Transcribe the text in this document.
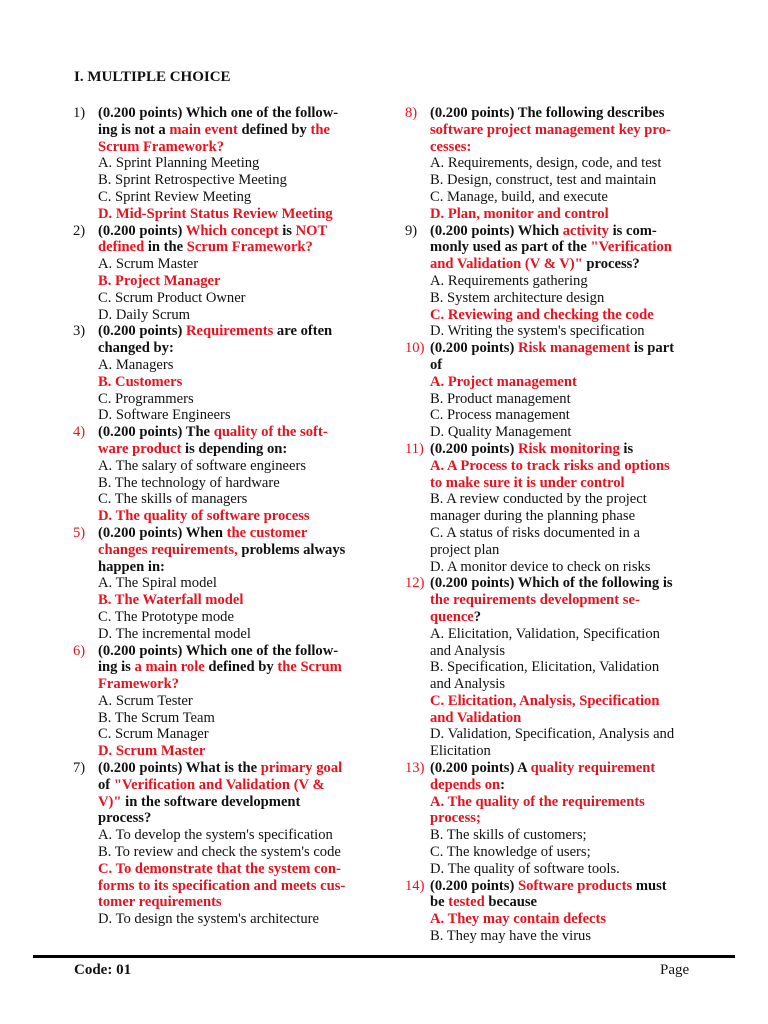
I. MULTIPLE CHOICE
1) (0.200 points) Which one of the follow-
ing is not a main event defined by the
Scrum Framework?
A. Sprint Planning Meeting
B. Sprint Retrospective Meeting
C. Sprint Review Meeting
D. Mid-Sprint Status Review Meeting
2) (0.200 points) Which concept is NOT
defined in the Scrum Framework?
A. Scrum Master
B. Project Manager
C. Scrum Product Owner
D. Daily Scrum
3) (0.200 points) Requirements are often
changed by:
A. Managers
B. Customers
C. Programmers
D. Software Engineers
4) (0.200 points) The quality of the soft-
ware product is depending on:
A. The salary of software engineers
B. The technology of hardware
C. The skills of managers
D. The quality of software process
5) (0.200 points) When the customer
changes requirements, problems always
happen in:
A. The Spiral model
B. The Waterfall model
C. The Prototype mode
D. The incremental model
6) (0.200 points) Which one of the follow-
ing is a main role defined by the Scrum
Framework?
A. Scrum Tester
B. The Scrum Team
C. Scrum Manager
D. Scrum Master
7) (0.200 points) What is the primary goal
of "Verification and Validation (V &
V)" in the software development
process?
A. To develop the system's specification
B. To review and check the system's code
C. To demonstrate that the system con-
forms to its specification and meets cus-
tomer requirements
D. To design the system's architecture
8) (0.200 points) The following describes
software project management key pro-
cesses:
A. Requirements, design, code, and test
B. Design, construct, test and maintain
C. Manage, build, and execute
D. Plan, monitor and control
9) (0.200 points) Which activity is com-
monly used as part of the "Verification
and Validation (V & V)" process?
A. Requirements gathering
B. System architecture design
C. Reviewing and checking the code
D. Writing the system's specification
10) (0.200 points) Risk management is part
of
A. Project management
B. Product management
C. Process management
D. Quality Management
11) (0.200 points) Risk monitoring is
A. A Process to track risks and options
to make sure it is under control
B. A review conducted by the project
manager during the planning phase
C. A status of risks documented in a
project plan
D. A monitor device to check on risks
12) (0.200 points) Which of the following is
the requirements development se-
quence?
A. Elicitation, Validation, Specification
and Analysis
B. Specification, Elicitation, Validation
and Analysis
C. Elicitation, Analysis, Specification
and Validation
D. Validation, Specification, Analysis and
Elicitation
13) (0.200 points) A quality requirement
depends on:
A. The quality of the requirements
process;
B. The skills of customers;
C. The knowledge of users;
D. The quality of software tools.
14) (0.200 points) Software products must
be tested because
A. They may contain defects
B. They may have the virus
Code: 01	Page
